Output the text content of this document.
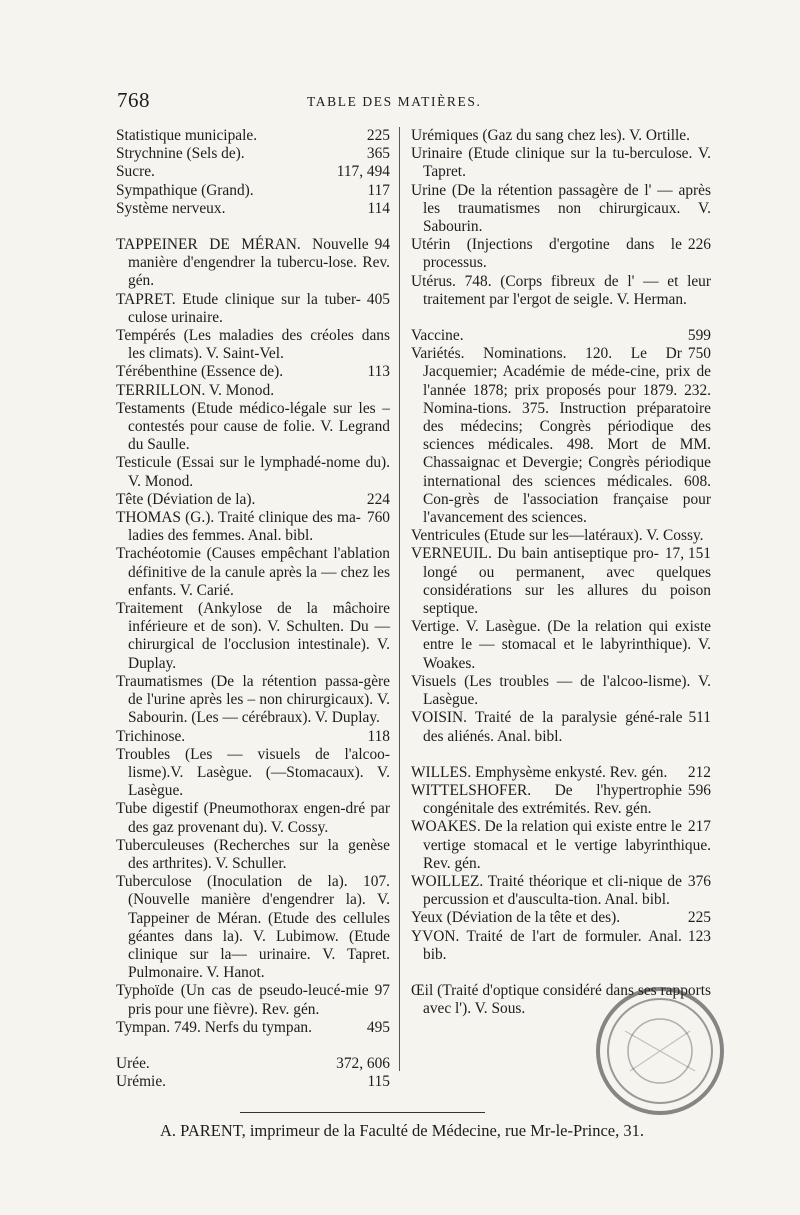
768	TABLE DES MATIÈRES.
225
Statistique municipale.
365
Strychnine (Sels de).
117, 494
Sucre.
117
Sympathique (Grand).
114
Système nerveux.
94
TAPPEINER DE MÉRAN. Nouvelle manière d'engendrer la tubercu-lose. Rev. gén.
405
TAPRET. Etude clinique sur la tuber-culose urinaire.
Tempérés (Les maladies des créoles dans les climats). V. Saint-Vel.
113
Térébenthine (Essence de).
TERRILLON. V. Monod.
Testaments (Etude médico-légale sur les – contestés pour cause de folie. V. Legrand du Saulle.
Testicule (Essai sur le lymphadé-nome du). V. Monod.
224
Tête (Déviation de la).
760
THOMAS (G.). Traité clinique des ma-ladies des femmes. Anal. bibl.
Trachéotomie (Causes empêchant l'ablation définitive de la canule après la — chez les enfants. V. Carié.
Traitement (Ankylose de la mâchoire inférieure et de son). V. Schulten. Du — chirurgical de l'occlusion intestinale). V. Duplay.
Traumatismes (De la rétention passa-gère de l'urine après les – non chirurgicaux). V. Sabourin. (Les — cérébraux). V. Duplay.
118
Trichinose.
Troubles (Les — visuels de l'alcoo-lisme).V. Lasègue. (—Stomacaux). V. Lasègue.
Tube digestif (Pneumothorax engen-dré par des gaz provenant du). V. Cossy.
Tuberculeuses (Recherches sur la genèse des arthrites). V. Schuller.
Tuberculose (Inoculation de la). 107. (Nouvelle manière d'engendrer la). V. Tappeiner de Méran. (Etude des cellules géantes dans la). V. Lubimow. (Etude clinique sur la— urinaire. V. Tapret. Pulmonaire. V. Hanot.
97
Typhoïde (Un cas de pseudo-leucé-mie pris pour une fièvre). Rev. gén.
495
Tympan. 749. Nerfs du tympan.
372, 606
Urée.
115
Urémie.
Urémiques (Gaz du sang chez les). V. Ortille.
Urinaire (Etude clinique sur la tu-berculose. V. Tapret.
Urine (De la rétention passagère de l' — après les traumatismes non chirurgicaux. V. Sabourin.
226
Utérin (Injections d'ergotine dans le processus.
Utérus. 748. (Corps fibreux de l' — et leur traitement par l'ergot de seigle. V. Herman.
599
Vaccine.
750
Variétés. Nominations. 120. Le Dr Jacquemier; Académie de méde-cine, prix de l'année 1878; prix proposés pour 1879. 232. Nomina-tions. 375. Instruction préparatoire des médecins; Congrès périodique des sciences médicales. 498. Mort de MM. Chassaignac et Devergie; Congrès périodique international des sciences médicales. 608. Con-grès de l'association française pour l'avancement des sciences.
Ventricules (Etude sur les—latéraux). V. Cossy.
17, 151
VERNEUIL. Du bain antiseptique pro-longé ou permanent, avec quelques considérations sur les allures du poison septique.
Vertige. V. Lasègue. (De la relation qui existe entre le — stomacal et le labyrinthique). V. Woakes.
Visuels (Les troubles — de l'alcoo-lisme). V. Lasègue.
511
VOISIN. Traité de la paralysie géné-rale des aliénés. Anal. bibl.
212
WILLES. Emphysème enkysté. Rev. gén.
596
WITTELSHOFER. De l'hypertrophie congénitale des extrémités. Rev. gén.
217
WOAKES. De la relation qui existe entre le vertige stomacal et le vertige labyrinthique. Rev. gén.
376
WOILLEZ. Traité théorique et cli-nique de percussion et d'ausculta-tion. Anal. bibl.
225
Yeux (Déviation de la tête et des).
123
YVON. Traité de l'art de formuler. Anal. bib.
Œil (Traité d'optique considéré dans ses rapports avec l'). V. Sous.
A. PARENT, imprimeur de la Faculté de Médecine, rue Mr-le-Prince, 31.
